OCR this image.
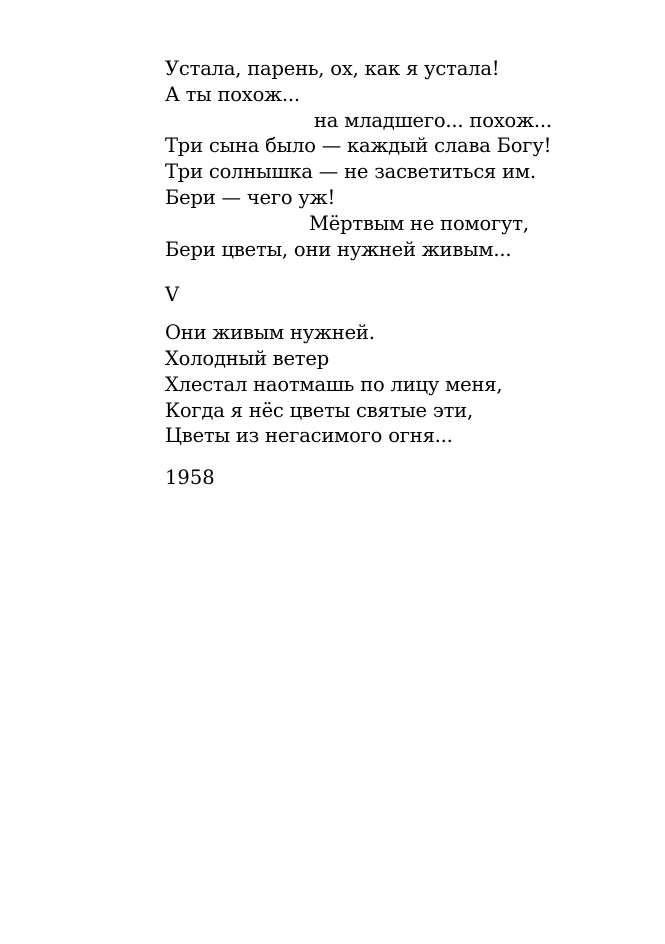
Устала, парень, ох, как я устала!
А ты похож...
на младшего... похож...
Три сына было — каждый слава Богу!
Три солнышка — не засветиться им.
Бери — чего уж!
Мёртвым не помогут,
Бери цветы, они нужней живым...
V
Они живым нужней.
Холодный ветер
Хлестал наотмашь по лицу меня,
Когда я нёс цветы святые эти,
Цветы из негасимого огня...
1958
